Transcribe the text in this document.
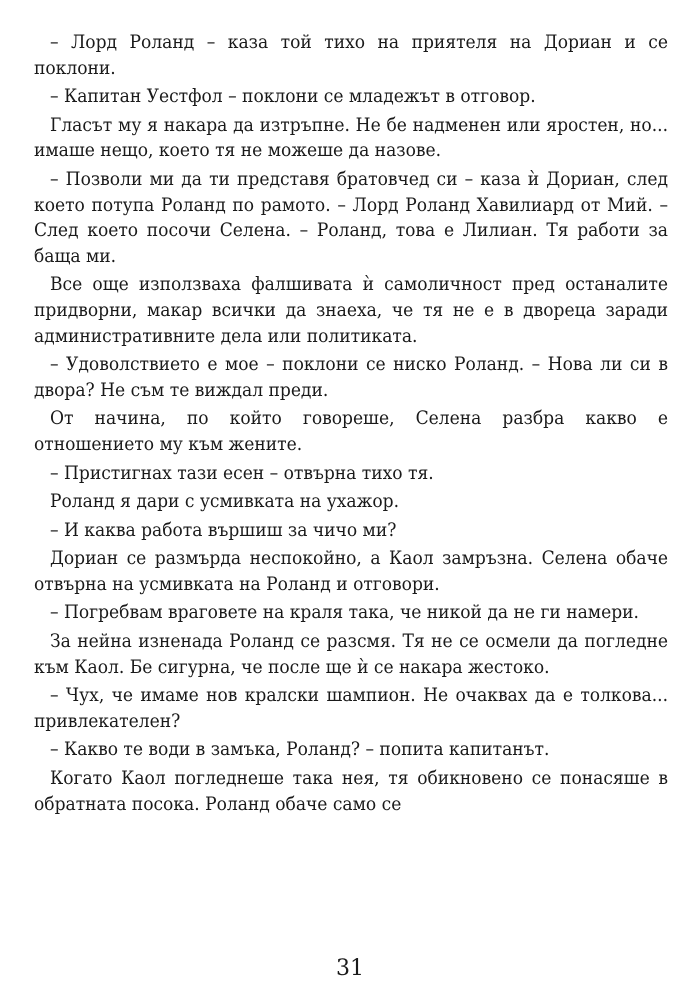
– Лорд Роланд – каза той тихо на приятеля на Дориан и се поклони.

– Капитан Уестфол – поклони се младежът в отговор.

Гласът му я накара да изтръпне. Не бе надменен или яростен, но... имаше нещо, което тя не можеше да назове.

– Позволи ми да ти представя братовчед си – каза ѝ Дориан, след което потупа Роланд по рамото. – Лорд Роланд Хавилиард от Мий. – След което посочи Селена. – Роланд, това е Лилиан. Тя работи за баща ми.

Все още използваха фалшивата ѝ самоличност пред останалите придворни, макар всички да знаеха, че тя не е в двореца заради административните дела или политиката.

– Удоволствието е мое – поклони се ниско Роланд. – Нова ли си в двора? Не съм те виждал преди.

От начина, по който говореше, Селена разбра какво е отношението му към жените.

– Пристигнах тази есен – отвърна тихо тя.

Роланд я дари с усмивката на ухажор.

– И каква работа вършиш за чичо ми?

Дориан се размърда неспокойно, а Каол замръзна. Селена обаче отвърна на усмивката на Роланд и отговори.

– Погребвам враговете на краля така, че никой да не ги намери.

За нейна изненада Роланд се разсмя. Тя не се осмели да погледне към Каол. Бе сигурна, че после ще ѝ се накара жестоко.

– Чух, че имаме нов кралски шампион. Не очаквах да е толкова... привлекателен?

– Какво те води в замъка, Роланд? – попита капитанът.

Когато Каол погледнеше така нея, тя обикновено се понасяше в обратната посока. Роланд обаче само се

31
